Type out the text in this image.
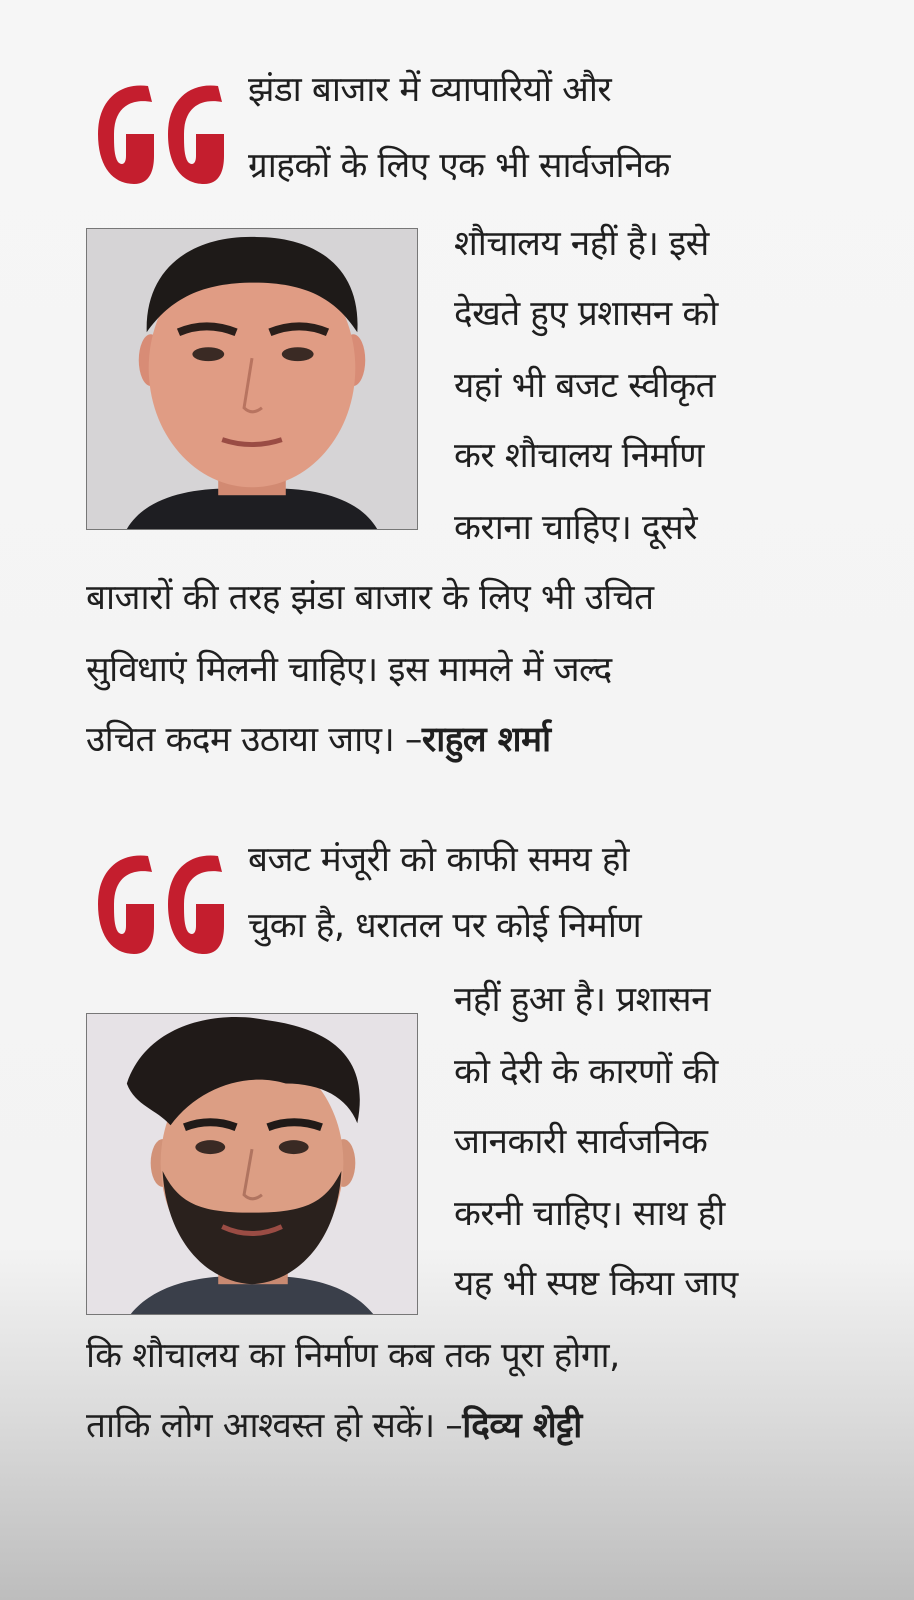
झंडा बाजार में व्यापारियों और
ग्राहकों के लिए एक भी सार्वजनिक
शौचालय नहीं है। इसे
देखते हुए प्रशासन को
यहां भी बजट स्वीकृत
कर शौचालय निर्माण
कराना चाहिए। दूसरे
बाजारों की तरह झंडा बाजार के लिए भी उचित
सुविधाएं मिलनी चाहिए। इस मामले में जल्द
उचित कदम उठाया जाए। –राहुल शर्मा
बजट मंजूरी को काफी समय हो
चुका है, धरातल पर कोई निर्माण
नहीं हुआ है। प्रशासन
को देरी के कारणों की
जानकारी सार्वजनिक
करनी चाहिए। साथ ही
यह भी स्पष्ट किया जाए
कि शौचालय का निर्माण कब तक पूरा होगा,
ताकि लोग आश्वस्त हो सकें। –दिव्य शेट्टी
